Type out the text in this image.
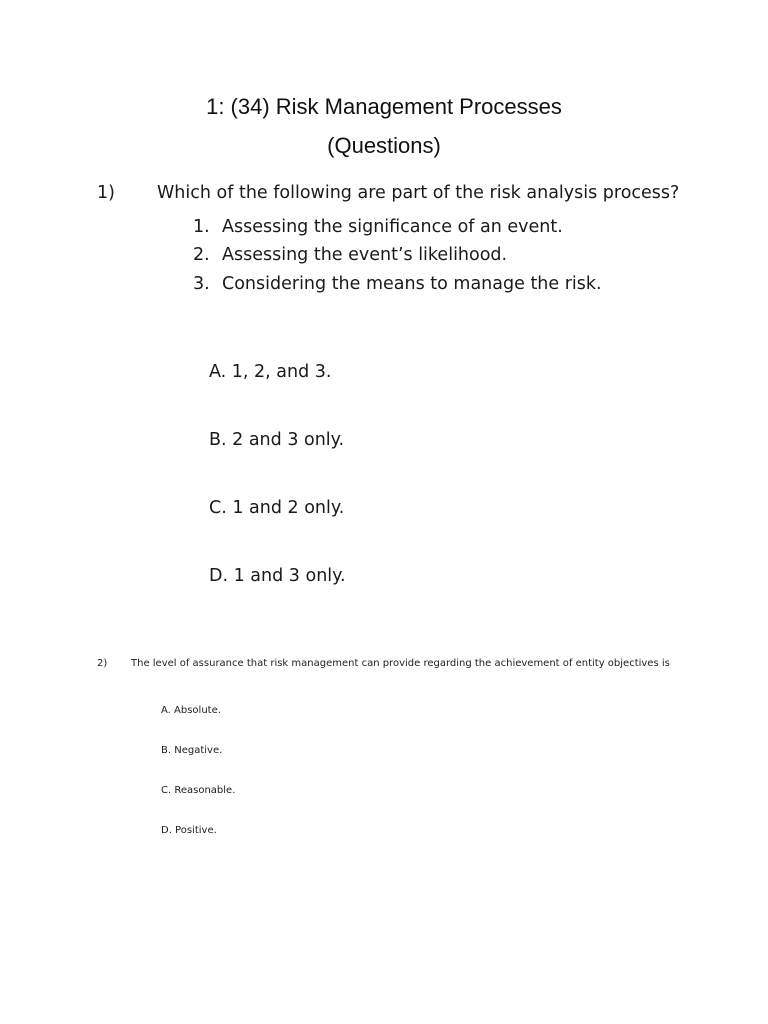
1: (34) Risk Management Processes
(Questions)
1) Which of the following are part of the risk analysis process?
1. Assessing the significance of an event.
2. Assessing the event’s likelihood.
3. Considering the means to manage the risk.
A. 1, 2, and 3.
B. 2 and 3 only.
C. 1 and 2 only.
D. 1 and 3 only.
2) The level of assurance that risk management can provide regarding the achievement of entity objectives is
A. Absolute.
B. Negative.
C. Reasonable.
D. Positive.
